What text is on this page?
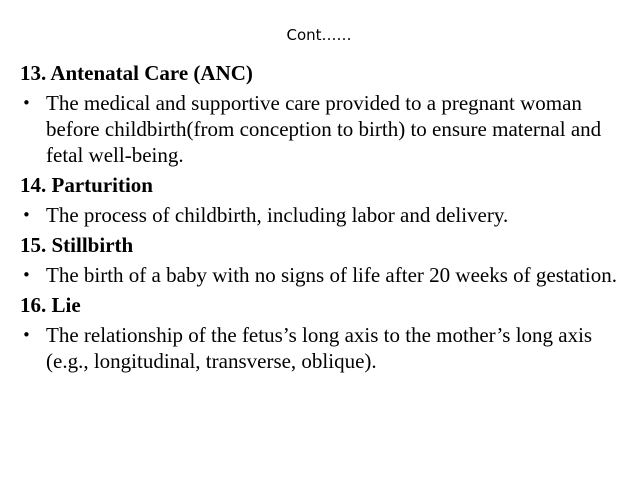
Cont……
13. Antenatal Care (ANC)
• The medical and supportive care provided to a pregnant woman before childbirth(from conception to birth) to ensure maternal and fetal well-being.
14. Parturition
• The process of childbirth, including labor and delivery.
15. Stillbirth
• The birth of a baby with no signs of life after 20 weeks of gestation.
16. Lie
• The relationship of the fetus’s long axis to the mother’s long axis (e.g., longitudinal, transverse, oblique).
